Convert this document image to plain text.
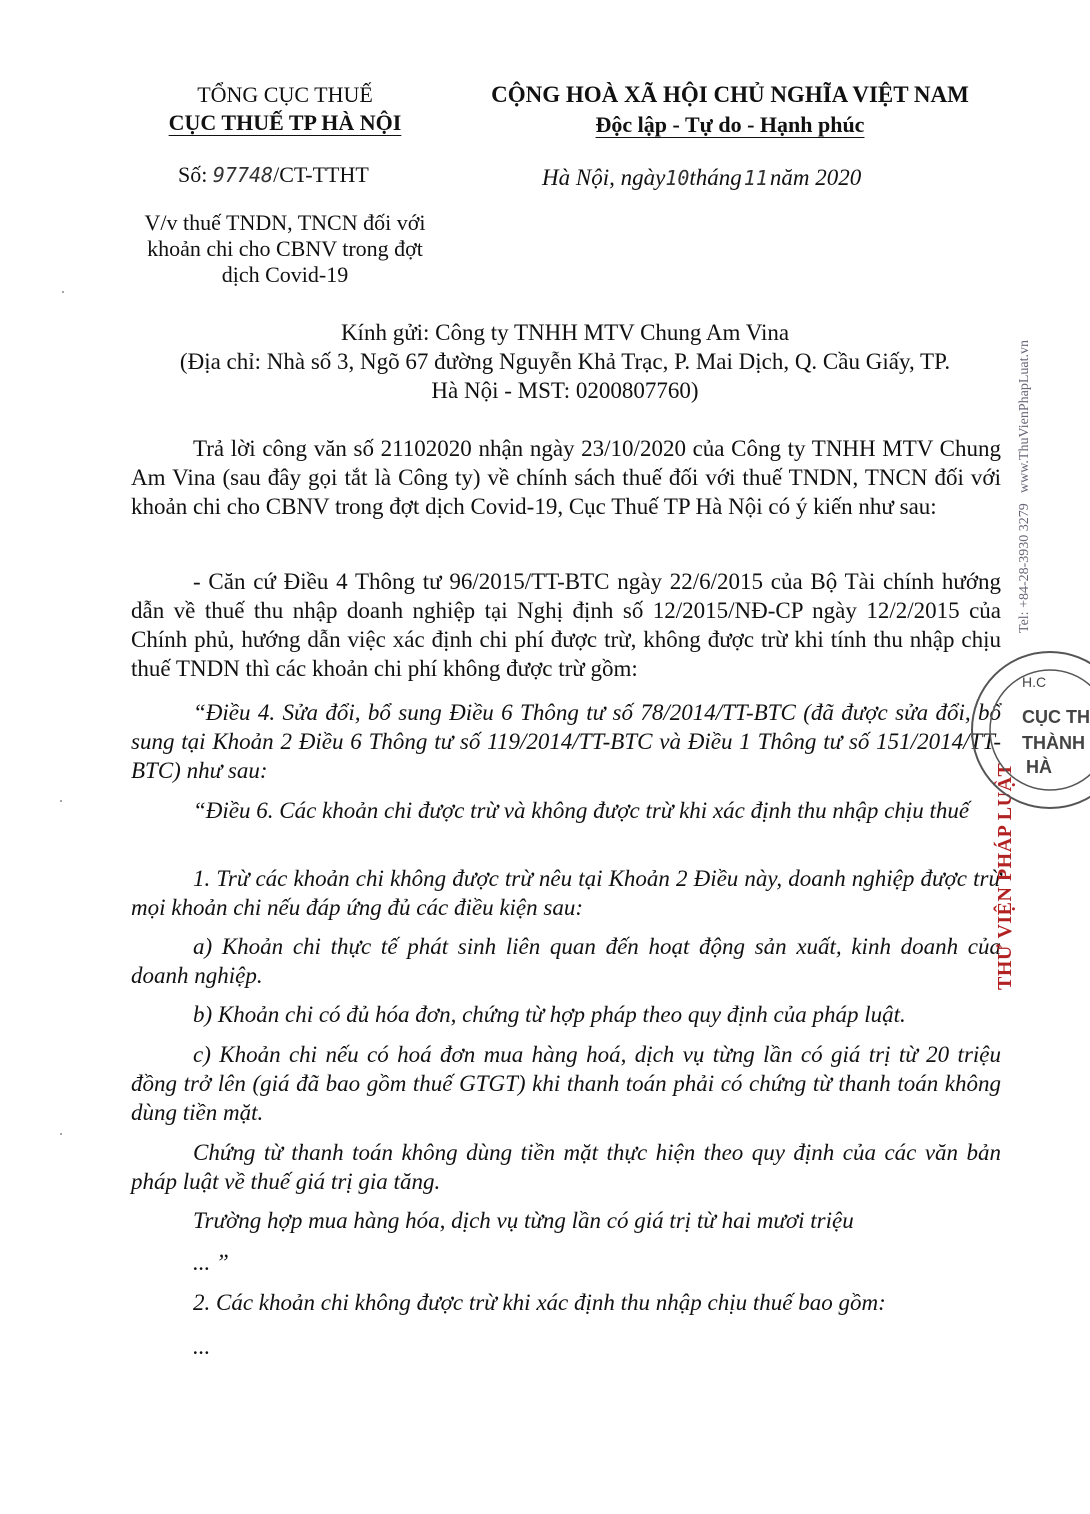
TỔNG CỤC THUẾ
CỤC THUẾ TP HÀ NỘI
CỘNG HOÀ XÃ HỘI CHỦ NGHĨA VIỆT NAM
Độc lập - Tự do - Hạnh phúc
Số: 97748/CT-TTHT	Hà Nội, ngày10tháng 11năm 2020
V/v thuế TNDN, TNCN đối với
khoản chi cho CBNV trong đợt
dịch Covid-19
Kính gửi: Công ty TNHH MTV Chung Am Vina
(Địa chỉ: Nhà số 3, Ngõ 67 đường Nguyễn Khả Trạc, P. Mai Dịch, Q. Cầu Giấy, TP.
Hà Nội - MST: 0200807760)
Trả lời công văn số 21102020 nhận ngày 23/10/2020 của Công ty TNHH MTV Chung Am Vina (sau đây gọi tắt là Công ty) về chính sách thuế đối với thuế TNDN, TNCN đối với khoản chi cho CBNV trong đợt dịch Covid-19, Cục Thuế TP Hà Nội có ý kiến như sau:
- Căn cứ Điều 4 Thông tư 96/2015/TT-BTC ngày 22/6/2015 của Bộ Tài chính hướng dẫn về thuế thu nhập doanh nghiệp tại Nghị định số 12/2015/NĐ-CP ngày 12/2/2015 của Chính phủ, hướng dẫn việc xác định chi phí được trừ, không được trừ khi tính thu nhập chịu thuế TNDN thì các khoản chi phí không được trừ gồm:
“Điều 4. Sửa đổi, bổ sung Điều 6 Thông tư số 78/2014/TT-BTC (đã được sửa đổi, bổ sung tại Khoản 2 Điều 6 Thông tư số 119/2014/TT-BTC và Điều 1 Thông tư số 151/2014/TT-BTC) như sau:
“Điều 6. Các khoản chi được trừ và không được trừ khi xác định thu nhập chịu thuế
1. Trừ các khoản chi không được trừ nêu tại Khoản 2 Điều này, doanh nghiệp được trừ mọi khoản chi nếu đáp ứng đủ các điều kiện sau:
a) Khoản chi thực tế phát sinh liên quan đến hoạt động sản xuất, kinh doanh của doanh nghiệp.
b) Khoản chi có đủ hóa đơn, chứng từ hợp pháp theo quy định của pháp luật.
c) Khoản chi nếu có hoá đơn mua hàng hoá, dịch vụ từng lần có giá trị từ 20 triệu đồng trở lên (giá đã bao gồm thuế GTGT) khi thanh toán phải có chứng từ thanh toán không dùng tiền mặt.
Chứng từ thanh toán không dùng tiền mặt thực hiện theo quy định của các văn bản pháp luật về thuế giá trị gia tăng.
Trường hợp mua hàng hóa, dịch vụ từng lần có giá trị từ hai mươi triệu
... ”
2. Các khoản chi không được trừ khi xác định thu nhập chịu thuế bao gồm:
...
Tel: +84-28-3930 3279
www.ThuVienPhapLuat.vn
THƯ VIỆN PHÁP LUẬT
H.C
CỤC TH
THÀNH
HÀ
